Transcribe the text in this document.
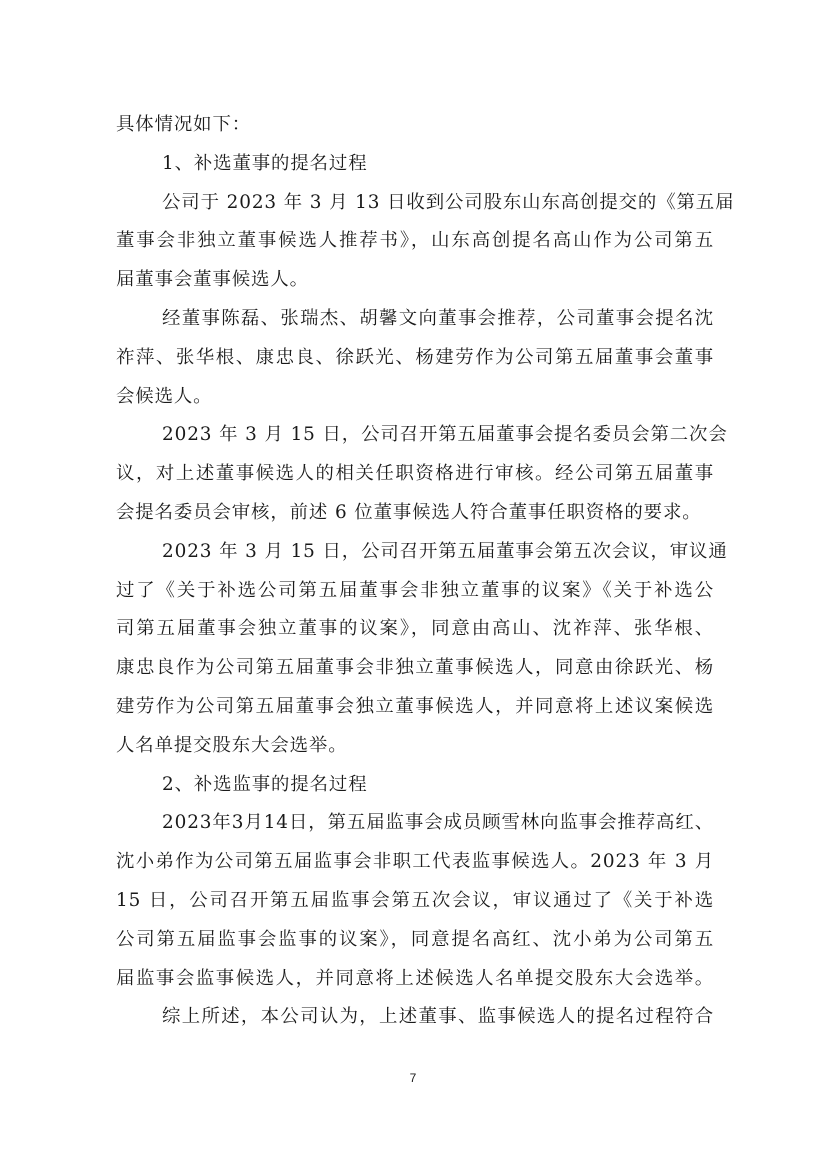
具体情况如下：
1、补选董事的提名过程
公司于 2023 年 3 月 13 日收到公司股东山东高创提交的《第五届
董事会非独立董事候选人推荐书》，山东高创提名高山作为公司第五
届董事会董事候选人。
经董事陈磊、张瑞杰、胡馨文向董事会推荐，公司董事会提名沈
祚萍、张华根、康忠良、徐跃光、杨建劳作为公司第五届董事会董事
会候选人。
2023 年 3 月 15 日，公司召开第五届董事会提名委员会第二次会
议，对上述董事候选人的相关任职资格进行审核。经公司第五届董事
会提名委员会审核，前述 6 位董事候选人符合董事任职资格的要求。
2023 年 3 月 15 日，公司召开第五届董事会第五次会议，审议通
过了《关于补选公司第五届董事会非独立董事的议案》《关于补选公
司第五届董事会独立董事的议案》，同意由高山、沈祚萍、张华根、
康忠良作为公司第五届董事会非独立董事候选人，同意由徐跃光、杨
建劳作为公司第五届董事会独立董事候选人，并同意将上述议案候选
人名单提交股东大会选举。
2、补选监事的提名过程
2023年3月14日，第五届监事会成员顾雪林向监事会推荐高红、
沈小弟作为公司第五届监事会非职工代表监事候选人。2023 年 3 月
15 日，公司召开第五届监事会第五次会议，审议通过了《关于补选
公司第五届监事会监事的议案》，同意提名高红、沈小弟为公司第五
届监事会监事候选人，并同意将上述候选人名单提交股东大会选举。
综上所述，本公司认为，上述董事、监事候选人的提名过程符合
7
